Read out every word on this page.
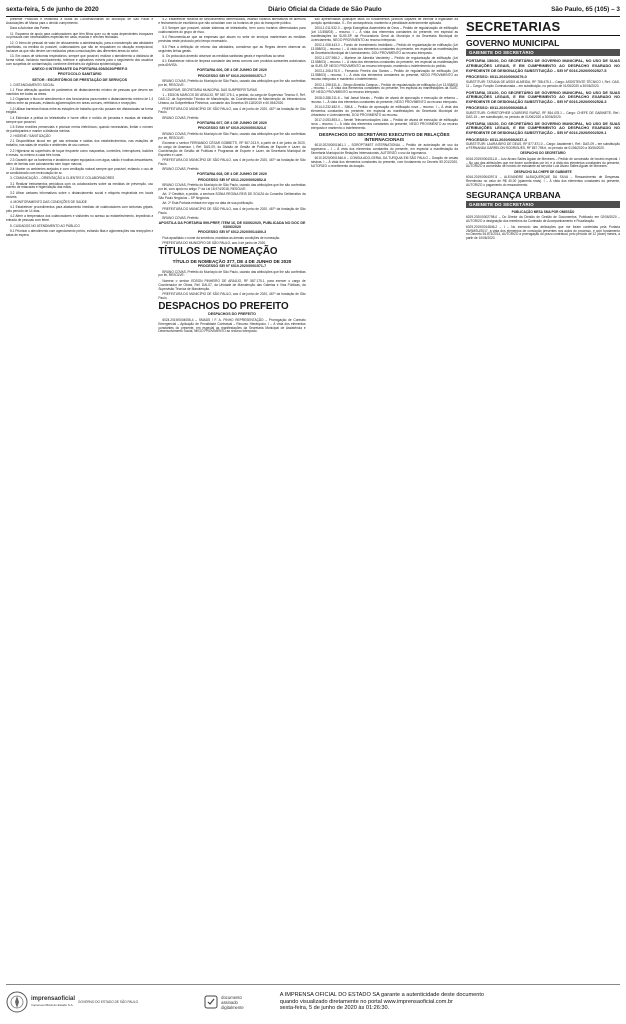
sexta-feira, 5 de junho de 2020	Diário Oficial da Cidade de São Paulo	São Paulo, 65 (105) – 3

presente Protocolo e redistribuí a todas as Concessionárias do Município de São Paulo e Associações de Marca para o devido cumprimento.

Dara a Autorizar das Partes.

11. Esquema de apoio para colaboradores que têm filhos quer ou de suas dependentes incapazes ou pessoas com necessidades especiais em casa, escolas e creches fechadas.

12. O Inimo de pessoal de valor de ofuscamento a administração, para a manutenção das atividades prioritárias, na medida do possível, colaboradores que não se enquadram no situação excepcional, inclusive as que não devem ser realizados pelas comunicações das diferentes áreas do setor.

13. Em casos de sintomas respiratórios, sempre que possível, realizar o atendimento a distância de forma virtual, incluindo monitoramento, telefone e aplicativos móveis para o seguimento dos usuários com suspeitas de contaminação, conforme diretrizes da vigilância epidemiológica.

ANEXO II INTEGRANTE DA PORTARIA 605/2020/PREF.G

PROTOCOLO SANITÁRIO

SETOR : ESCRITÓRIOS DE PRESTAÇÃO DE SERVIÇOS

1. DISTANCIAMENTO SOCIAL

1.1 Fixar alteração quadros de parâmetros de distanciamento mínimo de pessoas que devem ser mantidos em todas as áreas.

1.2 Organizar o fluxo de atendimento e dos funcionários para manter o distanciamento mínimo de 1,5 metros entre as pessoas, evitando aglomerações em áreas comuns, refeitórios e recepções.

1.3 Utilizar barreiras físicas entre as estações de trabalho que não possam ser distanciadas na forma exigida.

1.4 Estimular a prática do teletrabalho e home office e rodízio de jornadas e escalas de trabalho sempre que possível.

1.5 Evitar reuniões presenciais e priorizar meios eletrônicos; quando necessárias, limitar o número de participantes e manter a distância mínima.

2. HIGIENE / SANITIZAÇÃO

2.1 Disponibilizar álcool em gel nas entradas e saídas dos estabelecimentos, nas estações de trabalho, nas salas de reunião e ambientes de uso comum.

2.2 Higienizar as superfícies de toque frequente como maçanetas, corrimões, interruptores, balcões e mesas, no mínimo a cada três horas.

2.3 Garantir que os banheiros e lavatórios sejam equipados com água, sabão e toalhas descartáveis, além de lixeiras com acionamento sem toque manual.

2.4 Manter os ambientes arejados e com ventilação natural sempre que possível, evitando o uso de ar condicionado com recirculação de ar.

3. COMUNICAÇÃO – ORIENTAÇÃO A CLIENTES E COLABORADORES

3.1 Realizar treinamentos periódicos com os colaboradores sobre as medidas de prevenção, uso correto de máscaras e higienização das mãos.

3.2 Afixar cartazes informativos sobre o distanciamento social e etiqueta respiratória em locais visíveis.

4. MONITORAMENTO DAS CONDIÇÕES DE SAÚDE

4.1 Estabelecer procedimentos para afastamento imediato de colaboradores com sintomas gripais, pelo período de 14 dias.

4.2 Aferir a temperatura dos colaboradores e visitantes no acesso ao estabelecimento, impedindo a entrada de pessoas com febre.

5. CUIDADOS NO ATENDIMENTO AO PÚBLICO

5.1 Priorizar o atendimento com agendamento prévio, evitando filas e aglomerações nas recepções e salas de espera.

5.2. Estabelecer horários de funcionamento diferenciados, visando horários alternativos de abertura e fechamento de escritórios que não coincidam com os horários de pico do transporte público.

5.3 Sempre que possível, adotar sistemas de teletrabalho, bem como horários diferenciados para colaboradores do grupo de risco.

5.4 Recomenda-se que as empresas que atuam no setor de serviços mantenham as medidas previstas neste protocolo pelo tempo necessário.

5.5 Para a definição de retomo das atividades, considerar que as Regras devem observar as seguintes linhas gerais.

6. Os protocolos deverão observar as medidas sanitárias gerais e específicas ao setor.

6.1 Estabelecer rotina de limpeza constante das áreas comuns com produtos saneantes autorizados pela ANVISA.

PORTARIA 606, DE 4 DE JUNHO DE 2020

PROCESSO SEI Nº 6010.2020/0001571-7

BRUNO COVAS, Prefeito do Município de São Paulo, usando das atribuições que lhe são conferidas por lei, RESOLVE:

EXONERAR, SECRETARIA MUNICIPAL DAS SUBPREFEITURAS

1 – EDSON MARCOS DE ARAÚJO, RF 587.175.1, a pedido, do cargo de Supervisor Técnico II, Ref. DAS-12, da Supervisão Técnica de Manutenção, da Coordenadoria de Manutenção da Infraestrutura Urbana, da Subprefeitura Pinheiros, constante dos Decretos 59.118/2019 e 60.054/2020.

PREFEITURA DO MUNICÍPIO DE SÃO PAULO, aos 4 de junho de 2020, 467º da fundação de São Paulo.

BRUNO COVAS, Prefeito

PORTARIA 607, DE 4 DE JUNHO DE 2020

PROCESSO SEI Nº 6019.2020/0001523-6

BRUNO COVAS, Prefeito do Município de São Paulo, usando das atribuições que lhe são conferidas por lei, RESOLVE:

Exonerar o senhor FERNANDO CÉSAR GOBBETTI, RF 507.013.9, a partir de 4 de junho de 2020, do cargo de Assessor I, Ref. DAS-09, da Divisão de Gestão de Políticas de Esporte e Lazer, da Coordenação de Gestão de Políticas e Programas de Esporte e Lazer, da Secretaria Municipal de Esportes e Lazer.

PREFEITURA DO MUNICÍPIO DE SÃO PAULO, aos 4 de junho de 2020, 467º da fundação de São Paulo.

BRUNO COVAS, Prefeito

PORTARIA 608, DE 4 DE JUNHO DE 2020

PROCESSO SEI Nº 6011.2020/0002852-8

BRUNO COVAS, Prefeito do Município de São Paulo, usando das atribuições que lhe são conferidas por lei, com apoio no artigo 7º da Lei 16.974/2018, RESOLVE:

Art. 1º Destituir, a pedido, a senhora SONIA REGINA REIS DE SOUZA do Conselho Deliberativo da São Paulo Negócios – SP Negócios.

Art. 2º Esta Portaria entrará em vigor na data de sua publicação.

PREFEITURA DO MUNICÍPIO DE SÃO PAULO, aos 4 de junho de 2020, 467º da fundação de São Paulo.

BRUNO COVAS, Prefeito

APOSTILA DA PORTARIA 599-PREF, ITEM 16, DE 03/06/2020, PUBLICADA NO DOC DE 03/06/2020

PROCESSO SEI Nº 6012.2020/0014400-3

Fica apostilado o nome da servidora, mantidas as demais condições de nomeação.

PREFEITURA DO MUNICÍPIO DE SÃO PAULO, aos 4 de junho de 2020.

TÍTULOS DE NOMEAÇÃO

TÍTULO DE NOMEAÇÃO 377, DE 4 DE JUNHO DE 2020

PROCESSO SEI Nº 6010.2020/0001571-7

BRUNO COVAS, Prefeito do Município de São Paulo, usando das atribuições que lhe são conferidas por lei, RESOLVE:

Nomear o senhor EDSON PINHEIRO DE ARAÚJO, RF 587.175.1, para exercer o cargo de Coordenador de Obras, Ref. DAI-07, da Unidade de Manutenção das Galerias e Vias Públicas, da Supervisão Técnica de Manutenção.

PREFEITURA DO MUNICÍPIO DE SÃO PAULO, aos 4 de junho de 2020, 467º da fundação de São Paulo.

DESPACHOS DO PREFEITO

DESPACHOS DO PREFEITO

6024.2019/0004055-4 – SMADS / F. A. PINHO REPRESENTAÇÃO – Prorrogação de Contrato Emergencial – Aplicação de Penalidade Contratual – Recurso Hierárquico. I – À vista dos elementos constantes do presente, em especial as manifestações da Secretaria Municipal de Assistência e Desenvolvimento Social, NEGO PROVIMENTO ao recurso interposto.

são apresentadas quaisquer fatos ou fundamentos jurídicos capazes de infirmar a legalidade da punição questionada. II – Em consequência, mantenho a penalidade anteriormente aplicada.

2004-1.011.532-0 – Igreja Evangélica Assembleia de Deus – Pedido de regularização de edificação (Lei 13.558/03) – recurso. I – À vista dos elementos constantes do presente, em especial as manifestações da SUIS-SP, da Procuradoria Geral do Município e da Secretaria Municipal de Licenciamento, NEGO PROVIMENTO ao recurso interposto.

2002-1.008.443-0 – Fundo de Investimento Imobiliário – Pedido de regularização de edificação (Lei 13.558/03) – recurso. I – À vista dos elementos constantes do presente, em especial as manifestações da Secretaria Municipal de Licenciamento, DOU PROVIMENTO ao recurso interposto.

2002-1.027.966-2 – Marlene de Almeida Vanderley – Pedido de regularização de edificação (Lei 13.558/03) – recurso. I – À vista dos elementos constantes do presente, em especial as manifestações da SUIS-SP, NEGO PROVIMENTO ao recurso interposto, mantendo o indeferimento do pedido.

2003-1.208.476-9 – Fernando Pereira dos Santos – Pedido de regularização de edificação (Lei 13.558/03) – recurso. I – À vista dos elementos constantes do presente, NEGO PROVIMENTO ao recurso interposto e mantenho o indeferimento.

2002-1.298.511-6 – Sérgio Almeida Campos – Pedido de regularização de edificação (Lei 13.558/03) – recurso. I – À vista dos elementos constantes do presente, em especial as manifestações da SUIS-SP, NEGO PROVIMENTO ao recurso interposto.

2008-0.288.211-6 – Vail Jamal Morais – Pedido de alvará de aprovação e execução de reforma – recurso. I – À vista dos elementos constantes do presente, NEGO PROVIMENTO ao recurso interposto.

2014-0.232.482-9 – SMUL – Pedido de aprovação de edificação nova – recurso. I – À vista dos elementos constantes do presente, em especial as manifestações da Secretaria Municipal de Urbanismo e Licenciamento, DOU PROVIMENTO ao recurso.

2017-0.053.893-4 – Nextel Telecomunicações Ltda. – Pedido de alvará de execução de edificação nova – recurso. I – À vista dos elementos constantes do presente, NEGO PROVIMENTO ao recurso interposto e mantenho o indeferimento.

DESPACHOS DO SECRETÁRIO EXECUTIVO DE RELAÇÕES INTERNACIONAIS

6010.2020/0001661-1 – SOROPTIMIST INTERNATIONAL – Pedido de autorização de uso da logomarca – I – À vista dos elementos constantes do presente, em especial a manifestação da Secretaria Municipal de Relações Internacionais, AUTORIZO o uso da logomarca.

6010.2020/0001546-6 – CONSULADO-GERAL DA TURQUIA EM SÃO PAULO – Doação de cestas básicas. I – À vista dos elementos constantes do presente, com fundamento no Decreto 59.201/2020, AUTORIZO o recebimento da doação.

SECRETARIAS
GOVERNO MUNICIPAL
GABINETE DO SECRETÁRIO
PORTARIA 150/20, DO SECRETÁRIO DE GOVERNO MUNICIPAL, NO USO DE SUAS ATRIBUIÇÕES LEGAIS, E EM CUMPRIMENTO AO DESPACHO EXARADO NO EXPEDIENTE DE DESIGNAÇÃO SUBSTITUIÇÃO – SEI Nº 6016.2020/0002527-5
PROCESSO: 6011.2020/0002679-0

SUBSTITUIR: TATIANA DE ASSIS ALMEIDA, RF 788.475.1 – Cargo: ASSISTENTE TÉCNICO I, Ref.: DAS-11 – Cargo: Função Comissionada – em substituição, no período de 01/06/2020 a 30/06/2020.

PORTARIA 151/20, DO SECRETÁRIO DE GOVERNO MUNICIPAL, NO USO DE SUAS ATRIBUIÇÕES LEGAIS, E EM CUMPRIMENTO AO DESPACHO EXARADO NO EXPEDIENTE DE DESIGNAÇÃO SUBSTITUIÇÃO – SEI Nº 6016.2020/0002528-3
PROCESSO: 6011.2020/0002685-8

SUBSTITUIR: CHRISTOPHER LOUREIRO RAPAZ, RF 854.478.1 – Cargo: CHEFE DE GABINETE, Ref.: DAS-15 – em substituição, no período de 01/06/2020 a 30/06/2020.

PORTARIA 152/20, DO SECRETÁRIO DE GOVERNO MUNICIPAL, NO USO DE SUAS ATRIBUIÇÕES LEGAIS, E EM CUMPRIMENTO AO DESPACHO EXARADO NO EXPEDIENTE DE DESIGNAÇÃO SUBSTITUIÇÃO – SEI Nº 6016.2020/0002529-1
PROCESSO: 6011.2020/0002637-4

SUBSTITUIR: LAURA BIRO DE DEUS, RF 877.871.0 – Cargo: Assistente I, Ref.: DAS-09 – em substituição a FERNANDA GARRELON RODRIGUES, RF 857.798.6, no período de 01/06/2020 a 30/06/2020.

DESPACHO DO SECRETÁRIO

6016.2019/0004311-8 – Luiz Alvaro Salles Aguiar de Menezes – Pedido de concessão de horário especial. I – No uso das atribuições que me foram conferidas por lei, e à vista dos elementos constantes do presente, AUTORIZO a concessão de horário de estudante ao servidor Luiz Alvaro Salles Aguiar de Menezes.

DESPACHO DA CHEFE DE GABINETE

6016.2019/0004397-5 – ALEXANDRE ALBUQUERQUE DA SILVA – Ressarcimento de Despesas. Reembolso no valor de R$ 40,00 (quarenta reais). I – À vista dos elementos constantes do presente, AUTORIZO o pagamento do ressarcimento.

SEGURANÇA URBANA
GABINETE DO SECRETÁRIO

PUBLICAÇÃO MESA SMA POR OMISSÃO

6029.2020/0002798-0 – Do Diretor da Divisão de Gestão de Documentos, Publicado em 02/06/2020 – AUTORIZO a designação dos membros da Comissão de Acompanhamento e Fiscalização.

6029.2019/0014846-2 – I – No exercício das atribuições que me foram conferidas pela Portaria 26/SMSU/2017, à vista dos elementos de convicção presentes nos autos do processo, e com fundamento no Decreto 54.873/2014, AUTORIZO a prorrogação do prazo contratual, pelo período de 12 (doze) meses, a partir de 10/06/2020.

imprensaoficial
Imprensa Oficial do Estado S.A.
GOVERNO DO ESTADO DE SÃO PAULO
documento
assinado
digitalmente
A IMPRENSA OFICIAL DO ESTADO SA garante a autenticidade deste documento
quando visualizado diretamente no portal www.imprensaoficial.com.br
sexta-feira, 5 de junho de 2020 às 01:26:30.
